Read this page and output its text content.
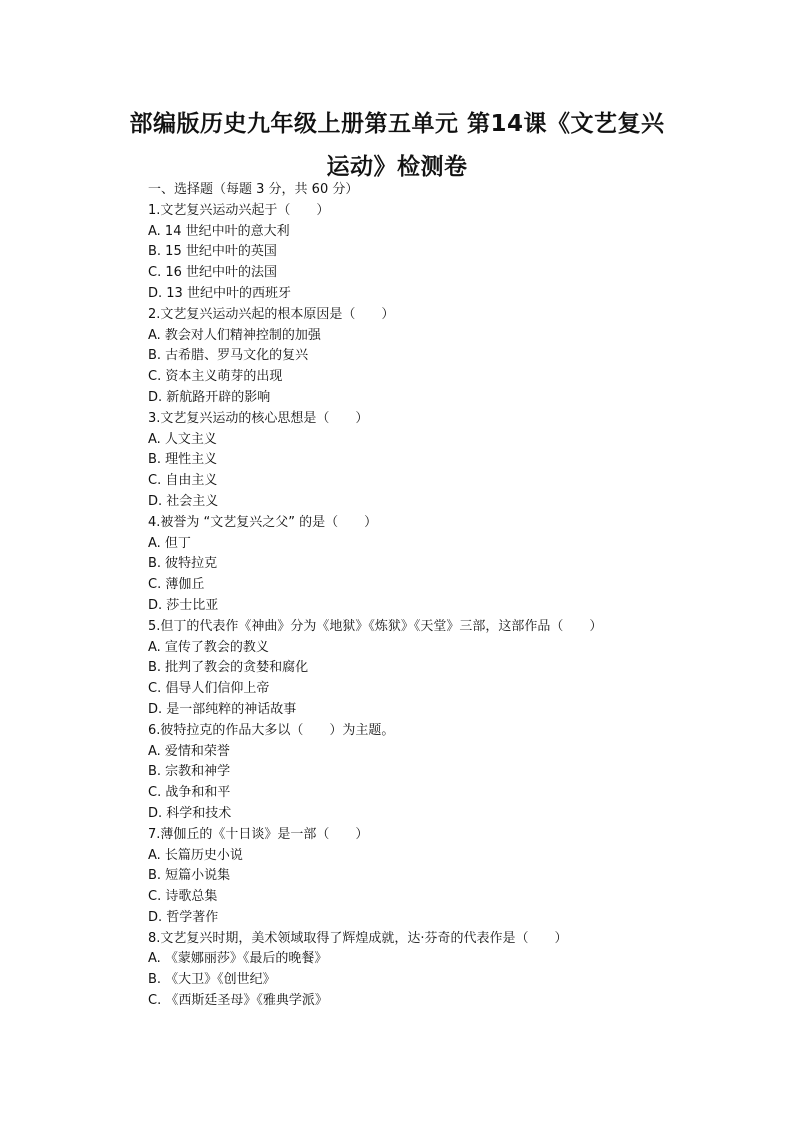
部编版历史九年级上册第五单元 第14课《文艺复兴
运动》检测卷
一、选择题（每题 3 分，共 60 分）
1.文艺复兴运动兴起于（　　）
A. 14 世纪中叶的意大利
B. 15 世纪中叶的英国
C. 16 世纪中叶的法国
D. 13 世纪中叶的西班牙
2.文艺复兴运动兴起的根本原因是（　　）
A. 教会对人们精神控制的加强
B. 古希腊、罗马文化的复兴
C. 资本主义萌芽的出现
D. 新航路开辟的影响
3.文艺复兴运动的核心思想是（　　）
A. 人文主义
B. 理性主义
C. 自由主义
D. 社会主义
4.被誉为 “文艺复兴之父” 的是（　　）
A. 但丁
B. 彼特拉克
C. 薄伽丘
D. 莎士比亚
5.但丁的代表作《神曲》分为《地狱》《炼狱》《天堂》三部，这部作品（　　）
A. 宣传了教会的教义
B. 批判了教会的贪婪和腐化
C. 倡导人们信仰上帝
D. 是一部纯粹的神话故事
6.彼特拉克的作品大多以（　　）为主题。
A. 爱情和荣誉
B. 宗教和神学
C. 战争和和平
D. 科学和技术
7.薄伽丘的《十日谈》是一部（　　）
A. 长篇历史小说
B. 短篇小说集
C. 诗歌总集
D. 哲学著作
8.文艺复兴时期，美术领域取得了辉煌成就，达·芬奇的代表作是（　　）
A. 《蒙娜丽莎》《最后的晚餐》
B. 《大卫》《创世纪》
C. 《西斯廷圣母》《雅典学派》
